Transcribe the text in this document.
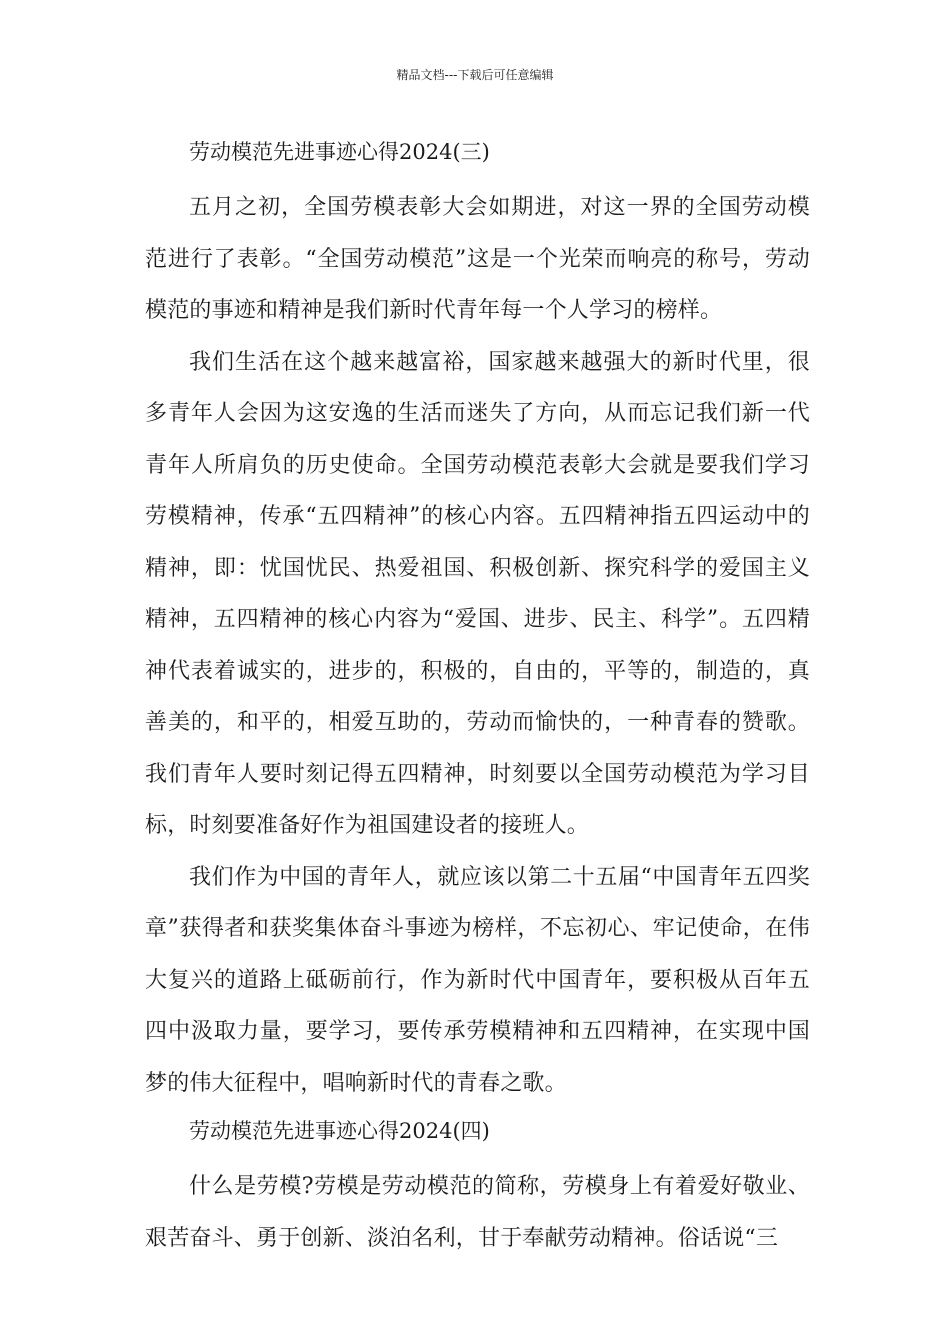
精品文档---下载后可任意编辑
劳动模范先进事迹心得2024(三)

五月之初，全国劳模表彰大会如期进，对这一界的全国劳动模范进行了表彰。“全国劳动模范”这是一个光荣而响亮的称号，劳动模范的事迹和精神是我们新时代青年每一个人学习的榜样。

我们生活在这个越来越富裕，国家越来越强大的新时代里，很多青年人会因为这安逸的生活而迷失了方向，从而忘记我们新一代青年人所肩负的历史使命。全国劳动模范表彰大会就是要我们学习劳模精神，传承“五四精神”的核心内容。五四精神指五四运动中的精神，即：忧国忧民、热爱祖国、积极创新、探究科学的爱国主义精神，五四精神的核心内容为“爱国、进步、民主、科学”。五四精神代表着诚实的，进步的，积极的，自由的，平等的，制造的，真善美的，和平的，相爱互助的，劳动而愉快的，一种青春的赞歌。我们青年人要时刻记得五四精神，时刻要以全国劳动模范为学习目标，时刻要准备好作为祖国建设者的接班人。

我们作为中国的青年人，就应该以第二十五届“中国青年五四奖章”获得者和获奖集体奋斗事迹为榜样，不忘初心、牢记使命，在伟大复兴的道路上砥砺前行，作为新时代中国青年，要积极从百年五四中汲取力量，要学习，要传承劳模精神和五四精神，在实现中国梦的伟大征程中，唱响新时代的青春之歌。

劳动模范先进事迹心得2024(四)

什么是劳模?劳模是劳动模范的简称，劳模身上有着爱好敬业、艰苦奋斗、勇于创新、淡泊名利，甘于奉献劳动精神。俗话说“三
